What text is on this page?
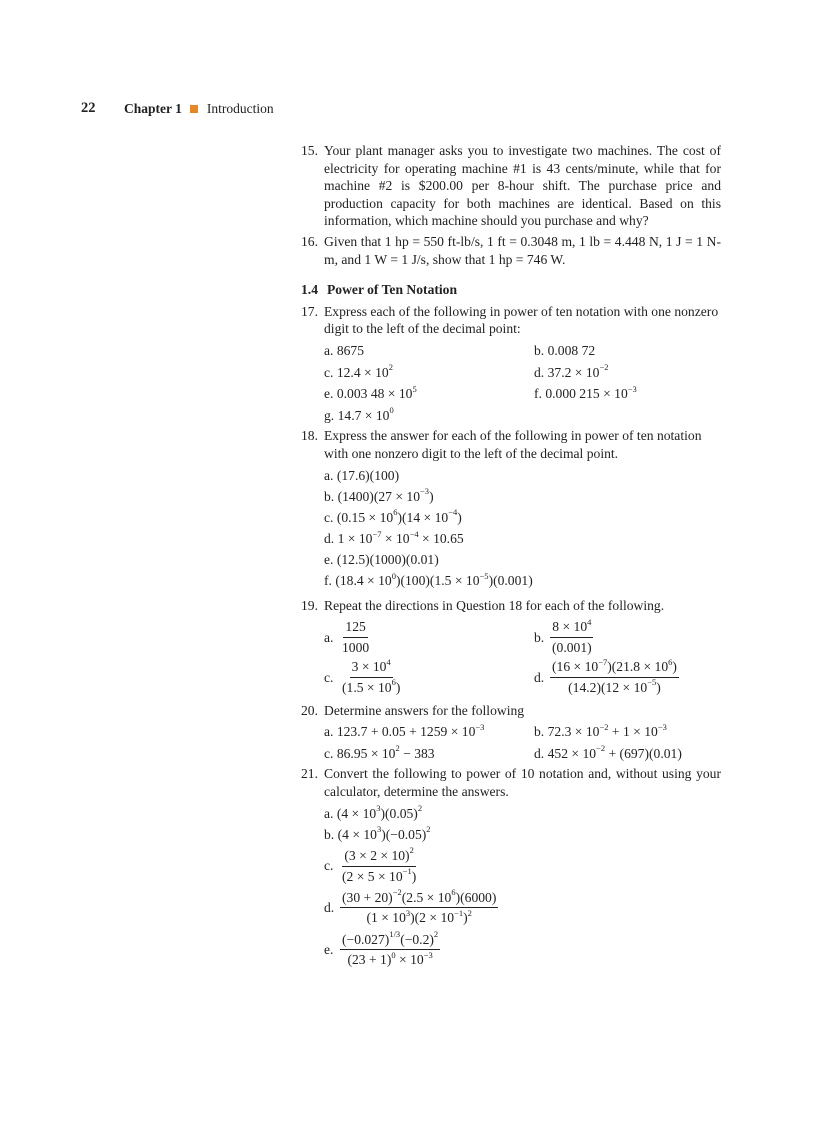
22	Chapter 1 Introduction
15. Your plant manager asks you to investigate two machines. The cost of electricity for operating machine #1 is 43 cents/minute, while that for machine #2 is $200.00 per 8-hour shift. The purchase price and production capacity for both machines are identical. Based on this information, which machine should you purchase and why?
16. Given that 1 hp = 550 ft-lb/s, 1 ft = 0.3048 m, 1 lb = 4.448 N, 1 J = 1 N-m, and 1 W = 1 J/s, show that 1 hp = 746 W.
1.4 Power of Ten Notation
17. Express each of the following in power of ten notation with one nonzero digit to the left of the decimal point:
a. 8675	b. 0.008 72
c. $12.4 \times 10^2$	d. $37.2 \times 10^{-2}$
e. 0.003 $48 \times 10^5$	f. 0.000 $215 \times 10^{-3}$
g. $14.7 \times 10^0$
18. Express the answer for each of the following in power of ten notation with one nonzero digit to the left of the decimal point.
a. (17.6)(100)
b. $(1400)(27 \times 10^{-3})$
c. $(0.15 \times 10^6)(14 \times 10^{-4})$
d. $1 \times 10^{-7} \times 10^{-4} \times 10.65$
e. (12.5)(1000)(0.01)
f. $(18.4 \times 10^0)(100)(1.5 \times 10^{-5})(0.001)$
19. Repeat the directions in Question 18 for each of the following.
a. $\frac{125}{1000}$	b. $\frac{8 \times 10^4}{(0.001)}$
c. $\frac{3 \times 10^4}{(1.5 \times 10^6)}$	d. $\frac{(16 \times 10^{-7})(21.8 \times 10^6)}{(14.2)(12 \times 10^{-5})}$
20. Determine answers for the following
a. $123.7 + 0.05 + 1259 \times 10^{-3}$	b. $72.3 \times 10^{-2} + 1 \times 10^{-3}$
c. $86.95 \times 10^2 - 383$	d. $452 \times 10^{-2} + (697)(0.01)$
21. Convert the following to power of 10 notation and, without using your calculator, determine the answers.
a. $(4 \times 10^3)(0.05)^2$
b. $(4 \times 10^3)(-0.05)^2$
c. $\frac{(3 \times 2 \times 10)^2}{(2 \times 5 \times 10^{-1})}$
d. $\frac{(30 + 20)^{-2}(2.5 \times 10^6)(6000)}{(1 \times 10^3)(2 \times 10^{-1})^2}$
e. $\frac{(-0.027)^{1/3}(-0.2)^2}{(23 + 1)^0 \times 10^{-3}}$
